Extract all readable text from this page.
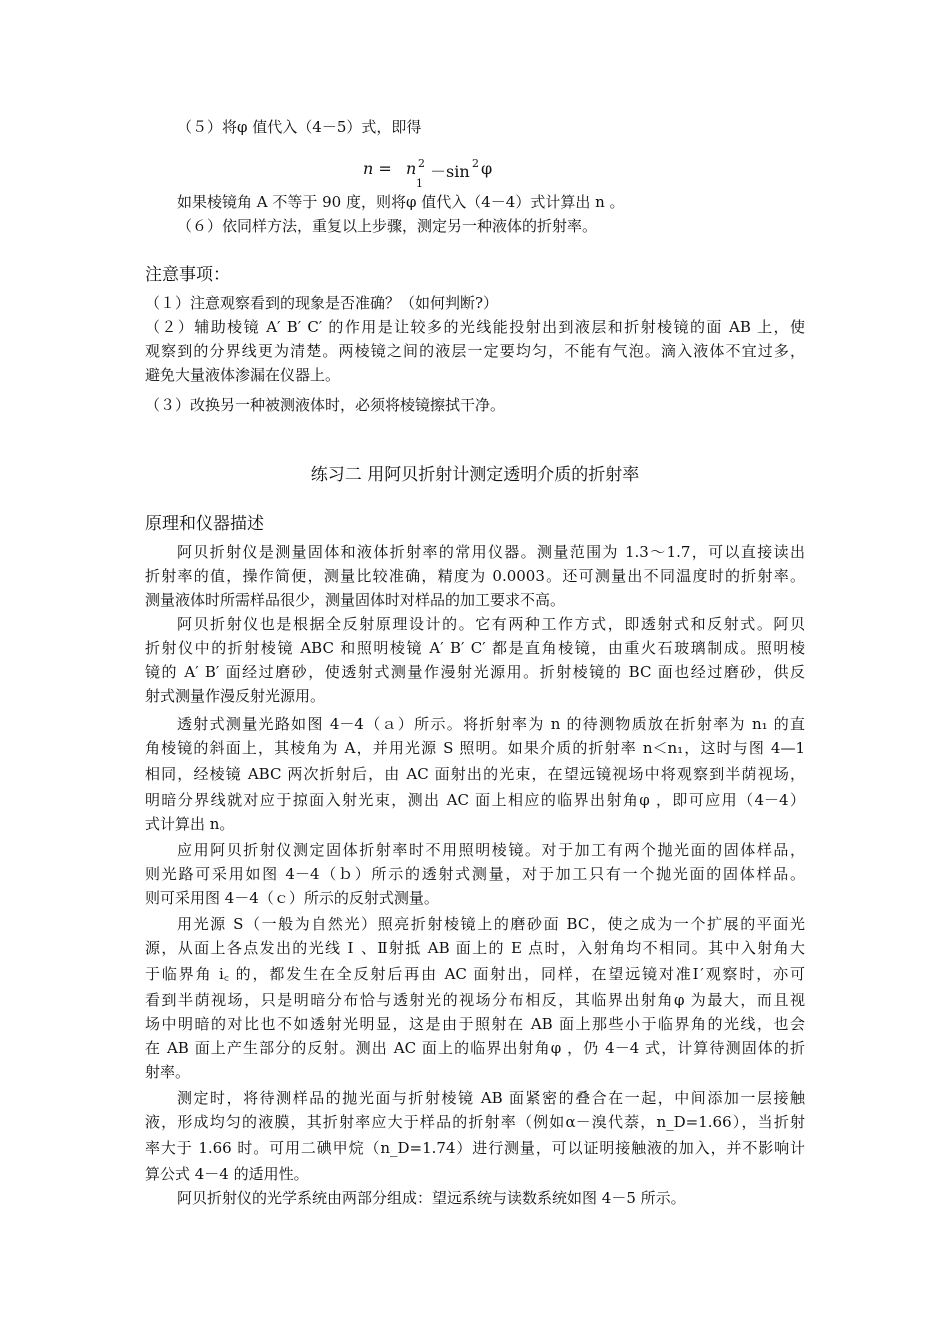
（５）将φ 值代入（4－5）式，即得
n = n 2
1
－sin 2 φ
如果棱镜角 A 不等于 90 度，则将φ 值代入（4－4）式计算出 n 。
（６）依同样方法，重复以上步骤，测定另一种液体的折射率。
注意事项：
（１）注意观察看到的现象是否准确？（如何判断?）
（２）辅助棱镜 A′ B′ C′ 的作用是让较多的光线能投射出到液层和折射棱镜的面 AB 上，使
观察到的分界线更为清楚。两棱镜之间的液层一定要均匀，不能有气泡。滴入液体不宜过多，
避免大量液体渗漏在仪器上。
（３）改换另一种被测液体时，必须将棱镜擦拭干净。
练习二 用阿贝折射计测定透明介质的折射率
原理和仪器描述
阿贝折射仪是测量固体和液体折射率的常用仪器。测量范围为 1.3～1.7，可以直接读出
折射率的值，操作简便，测量比较准确，精度为 0.0003。还可测量出不同温度时的折射率。
测量液体时所需样品很少，测量固体时对样品的加工要求不高。
阿贝折射仪也是根据全反射原理设计的。它有两种工作方式，即透射式和反射式。阿贝
折射仪中的折射棱镜 ABC 和照明棱镜 A′ B′ C′ 都是直角棱镜，由重火石玻璃制成。照明棱
镜的 A′ B′ 面经过磨砂，使透射式测量作漫射光源用。折射棱镜的 BC 面也经过磨砂，供反
射式测量作漫反射光源用。
透射式测量光路如图 4－4（ａ）所示。将折射率为 n 的待测物质放在折射率为 n₁ 的直
角棱镜的斜面上，其棱角为 A，并用光源 S 照明。如果介质的折射率 n＜n₁，这时与图 4—1
相同，经棱镜 ABC 两次折射后，由 AC 面射出的光束，在望远镜视场中将观察到半荫视场，
明暗分界线就对应于掠面入射光束，测出 AC 面上相应的临界出射角φ ，即可应用（4－4）
式计算出 n。
应用阿贝折射仪测定固体折射率时不用照明棱镜。对于加工有两个抛光面的固体样品，
则光路可采用如图 4－4（ｂ）所示的透射式测量，对于加工只有一个抛光面的固体样品。
则可采用图 4－4（ｃ）所示的反射式测量。
用光源 S（一般为自然光）照亮折射棱镜上的磨砂面 BC，使之成为一个扩展的平面光
源，从面上各点发出的光线 Ⅰ 、Ⅱ射抵 AB 面上的 E 点时，入射角均不相同。其中入射角大
于临界角 i꜀ 的，都发生在全反射后再由 AC 面射出，同样，在望远镜对准Ⅰ′观察时，亦可
看到半荫视场，只是明暗分布恰与透射光的视场分布相反，其临界出射角φ 为最大，而且视
场中明暗的对比也不如透射光明显，这是由于照射在 AB 面上那些小于临界角的光线，也会
在 AB 面上产生部分的反射。测出 AC 面上的临界出射角φ ，仍 4－4 式，计算待测固体的折
射率。
测定时，将待测样品的抛光面与折射棱镜 AB 面紧密的叠合在一起，中间添加一层接触
液，形成均匀的液膜，其折射率应大于样品的折射率（例如α－溴代萘，n_D=1.66），当折射
率大于 1.66 时。可用二碘甲烷（n_D=1.74）进行测量，可以证明接触液的加入，并不影响计
算公式 4－4 的适用性。
阿贝折射仪的光学系统由两部分组成：望远系统与读数系统如图 4－5 所示。
